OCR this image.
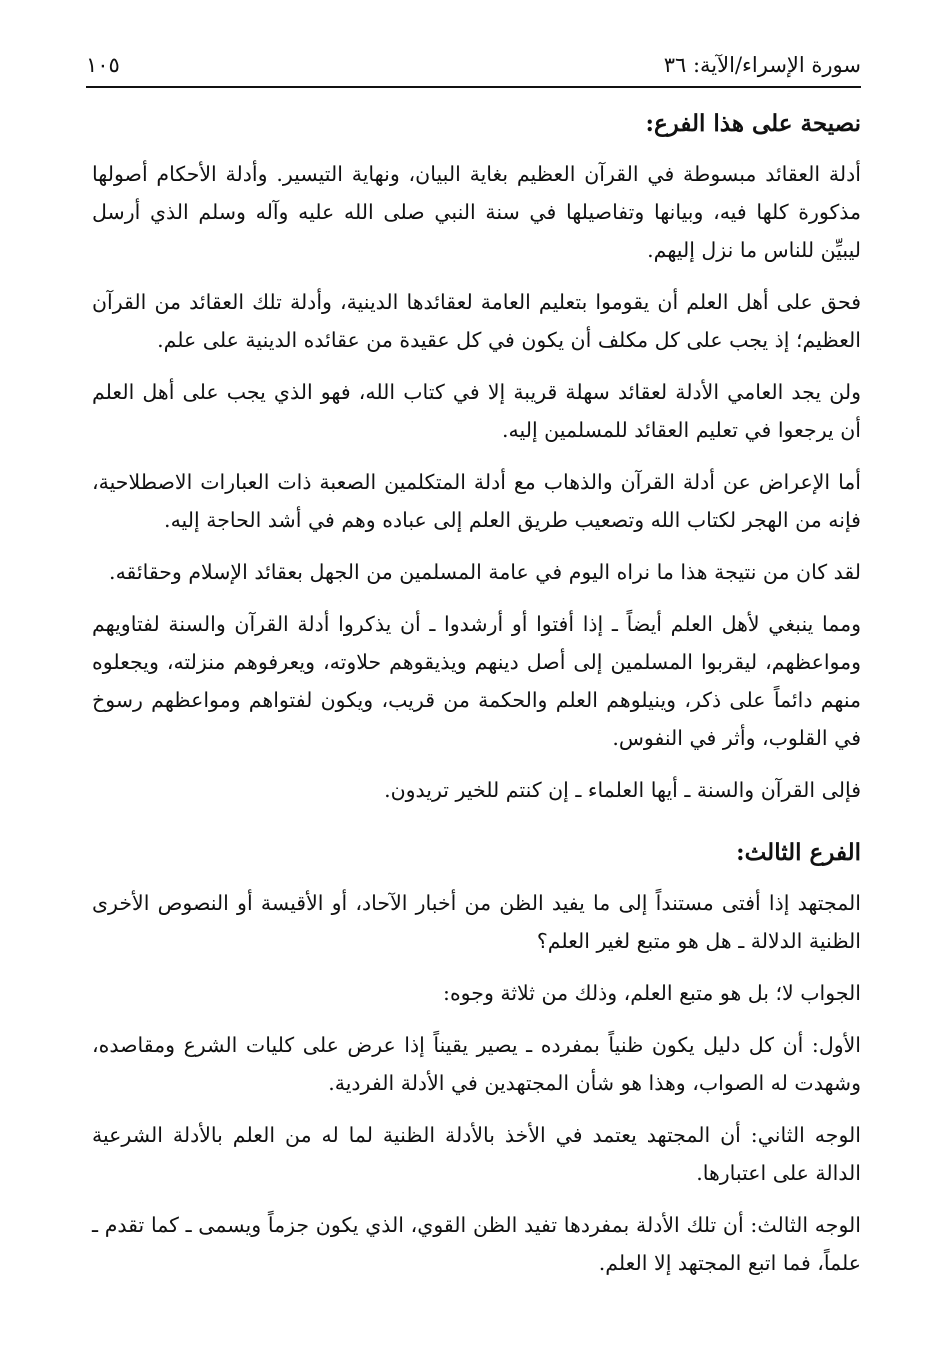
سورة الإسراء/الآية: ٣٦
١٠٥
نصيحة على هذا الفرع:

أدلة العقائد مبسوطة في القرآن العظيم بغاية البيان، ونهاية التيسير. وأدلة الأحكام أصولها مذكورة كلها فيه، وبيانها وتفاصيلها في سنة النبي صلى الله عليه وآله وسلم الذي أرسل ليبيِّن للناس ما نزل إليهم.

فحق على أهل العلم أن يقوموا بتعليم العامة لعقائدها الدينية، وأدلة تلك العقائد من القرآن العظيم؛ إذ يجب على كل مكلف أن يكون في كل عقيدة من عقائده الدينية على علم.

ولن يجد العامي الأدلة لعقائد سهلة قريبة إلا في كتاب الله، فهو الذي يجب على أهل العلم أن يرجعوا في تعليم العقائد للمسلمين إليه.

أما الإعراض عن أدلة القرآن والذهاب مع أدلة المتكلمين الصعبة ذات العبارات الاصطلاحية، فإنه من الهجر لكتاب الله وتصعيب طريق العلم إلى عباده وهم في أشد الحاجة إليه.

لقد كان من نتيجة هذا ما نراه اليوم في عامة المسلمين من الجهل بعقائد الإسلام وحقائقه.

ومما ينبغي لأهل العلم أيضاً ـ إذا أفتوا أو أرشدوا ـ أن يذكروا أدلة القرآن والسنة لفتاويهم ومواعظهم، ليقربوا المسلمين إلى أصل دينهم ويذيقوهم حلاوته، ويعرفوهم منزلته، ويجعلوه منهم دائماً على ذكر، وينيلوهم العلم والحكمة من قريب، ويكون لفتواهم ومواعظهم رسوخ في القلوب، وأثر في النفوس.

فإلى القرآن والسنة ـ أيها العلماء ـ إن كنتم للخير تريدون.

الفرع الثالث:

المجتهد إذا أفتى مستنداً إلى ما يفيد الظن من أخبار الآحاد، أو الأقيسة أو النصوص الأخرى الظنية الدلالة ـ هل هو متبع لغير العلم؟

الجواب لا؛ بل هو متبع العلم، وذلك من ثلاثة وجوه:

الأول: أن كل دليل يكون ظنياً بمفرده ـ يصير يقيناً إذا عرض على كليات الشرع ومقاصده، وشهدت له الصواب، وهذا هو شأن المجتهدين في الأدلة الفردية.

الوجه الثاني: أن المجتهد يعتمد في الأخذ بالأدلة الظنية لما له من العلم بالأدلة الشرعية الدالة على اعتبارها.

الوجه الثالث: أن تلك الأدلة بمفردها تفيد الظن القوي، الذي يكون جزماً ويسمى ـ كما تقدم ـ علماً، فما اتبع المجتهد إلا العلم.
